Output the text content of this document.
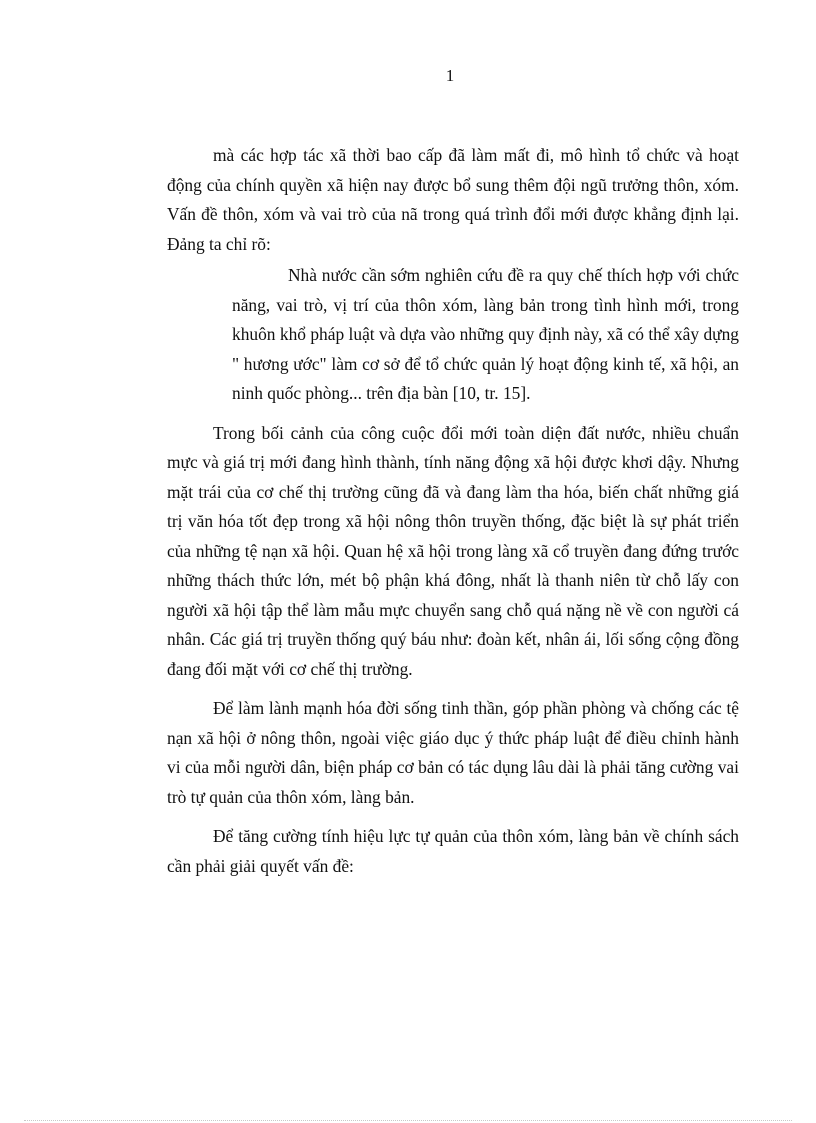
1

mà các hợp tác xã thời bao cấp đã làm mất đi, mô hình tổ chức và hoạt động của chính quyền xã hiện nay được bổ sung thêm đội ngũ trưởng thôn, xóm. Vấn đề thôn, xóm và vai trò của nã trong quá trình đổi mới được khẳng định lại. Đảng ta chỉ rõ:

Nhà nước cần sớm nghiên cứu đề ra quy chế thích hợp với chức năng, vai trò, vị trí của thôn xóm, làng bản trong tình hình mới, trong khuôn khổ pháp luật và dựa vào những quy định này, xã có thể xây dựng " hương ước" làm cơ sở để tổ chức quản lý hoạt động kinh tế, xã hội, an ninh quốc phòng... trên địa bàn [10, tr. 15].

Trong bối cảnh của công cuộc đổi mới toàn diện đất nước, nhiều chuẩn mực và giá trị mới đang hình thành, tính năng động xã hội được khơi dậy. Nhưng mặt trái của cơ chế thị trường cũng đã và đang làm tha hóa, biến chất những giá trị văn hóa tốt đẹp trong xã hội nông thôn truyền thống, đặc biệt là sự phát triển của những tệ nạn xã hội. Quan hệ xã hội trong làng xã cổ truyền đang đứng trước những thách thức lớn, mét bộ phận khá đông, nhất là thanh niên từ chỗ lấy con người xã hội tập thể làm mẫu mực chuyển sang chỗ quá nặng nề về con người cá nhân. Các giá trị truyền thống quý báu như: đoàn kết, nhân ái, lối sống cộng đồng đang đối mặt với cơ chế thị trường.

Để làm lành mạnh hóa đời sống tinh thần, góp phần phòng và chống các tệ nạn xã hội ở nông thôn, ngoài việc giáo dục ý thức pháp luật để điều chỉnh hành vi của mỗi người dân, biện pháp cơ bản có tác dụng lâu dài là phải tăng cường vai trò tự quản của thôn xóm, làng bản.

Để tăng cường tính hiệu lực tự quản của thôn xóm, làng bản về chính sách cần phải giải quyết vấn đề:
